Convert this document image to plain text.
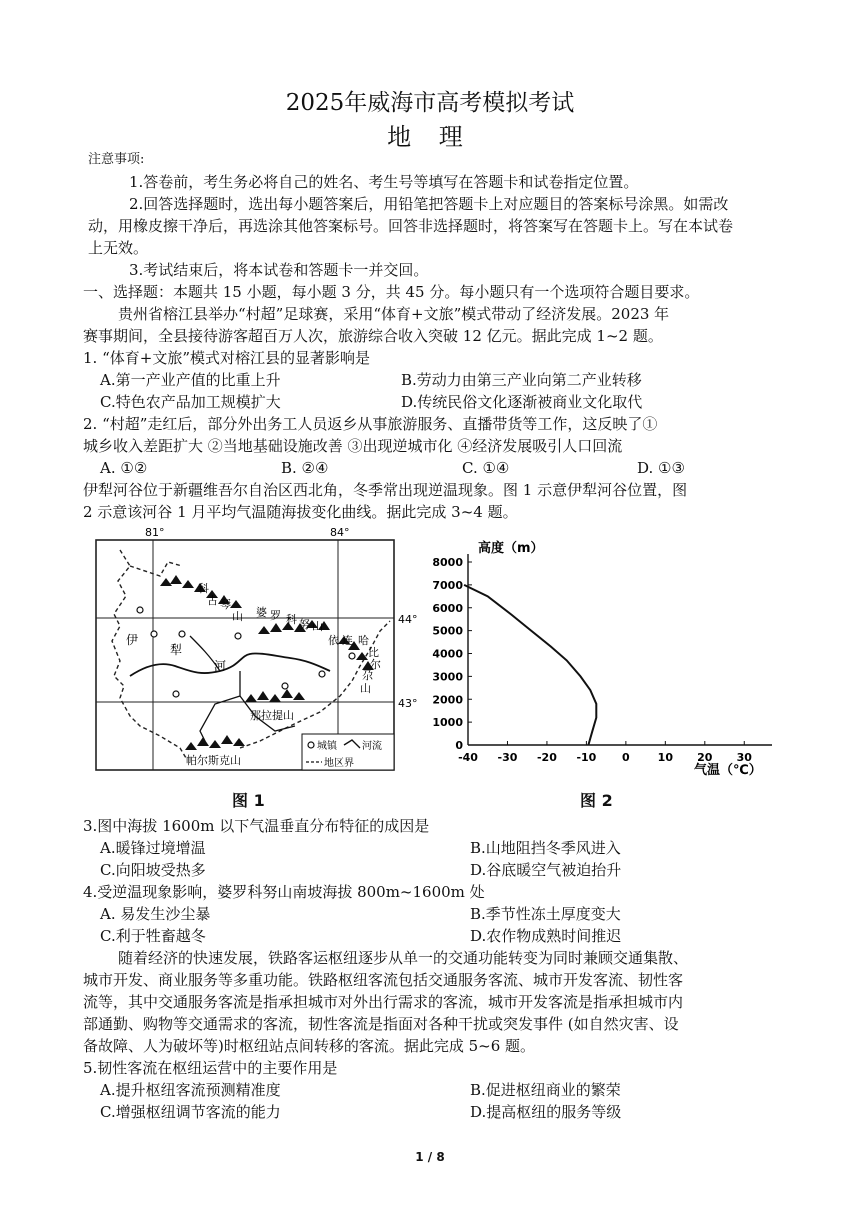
2025年威海市高考模拟考试
地 理
注意事项:
1.答卷前，考生务必将自己的姓名、考生号等填写在答题卡和试卷指定位置。
2.回答选择题时，选出每小题答案后，用铅笔把答题卡上对应题目的答案标号涂黑。如需改
动，用橡皮擦干净后，再选涂其他答案标号。回答非选择题时，将答案写在答题卡上。写在本试卷
上无效。
3.考试结束后，将本试卷和答题卡一并交回。
一、选择题：本题共 15 小题，每小题 3 分，共 45 分。每小题只有一个选项符合题目要求。
贵州省榕江县举办“村超”足球赛，采用“体育+文旅”模式带动了经济发展。2023 年
赛事期间，全县接待游客超百万人次，旅游综合收入突破 12 亿元。据此完成 1~2 题。
1. “体育+文旅”模式对榕江县的显著影响是
A.第一产业产值的比重上升	B.劳动力由第三产业向第二产业转移
C.特色农产品加工规模扩大	D.传统民俗文化逐渐被商业文化取代
2. “村超”走红后，部分外出务工人员返乡从事旅游服务、直播带货等工作，这反映了①
城乡收入差距扩大 ②当地基础设施改善 ③出现逆城市化 ④经济发展吸引人口回流
A. ①②	B. ②④	C. ①④	D. ①③
伊犁河谷位于新疆维吾尔自治区西北角，冬季常出现逆温现象。图 1 示意伊犁河谷位置，图
2 示意该河谷 1 月平均气温随海拔变化曲线。据此完成 3~4 题。
81°	84°
44°
43°
科
古 琴
山 婆 罗 科 努 山
依 连 哈
比
尔
尕
山
那拉提山
帕尔斯克山
伊
犁
河
城镇	河流
地区界
图 1
0
1000
2000
3000
4000
5000
6000
7000
8000
-40 -30 -20 -10 0	10 20 30
高度（m）
气温（℃）
图 2
3.图中海拔 1600m 以下气温垂直分布特征的成因是
A.暖锋过境增温	B.山地阻挡冬季风进入
C.向阳坡受热多	D.谷底暖空气被迫抬升
4.受逆温现象影响，婆罗科努山南坡海拔 800m~1600m 处
A. 易发生沙尘暴	B.季节性冻土厚度变大
C.利于牲畜越冬	D.农作物成熟时间推迟
随着经济的快速发展，铁路客运枢纽逐步从单一的交通功能转变为同时兼顾交通集散、
城市开发、商业服务等多重功能。铁路枢纽客流包括交通服务客流、城市开发客流、韧性客
流等，其中交通服务客流是指承担城市对外出行需求的客流，城市开发客流是指承担城市内
部通勤、购物等交通需求的客流，韧性客流是指面对各种干扰或突发事件 (如自然灾害、设
备故障、人为破坏等)时枢纽站点间转移的客流。据此完成 5~6 题。
5.韧性客流在枢纽运营中的主要作用是
A.提升枢纽客流预测精准度	B.促进枢纽商业的繁荣
C.增强枢纽调节客流的能力	D.提高枢纽的服务等级
1 / 8
